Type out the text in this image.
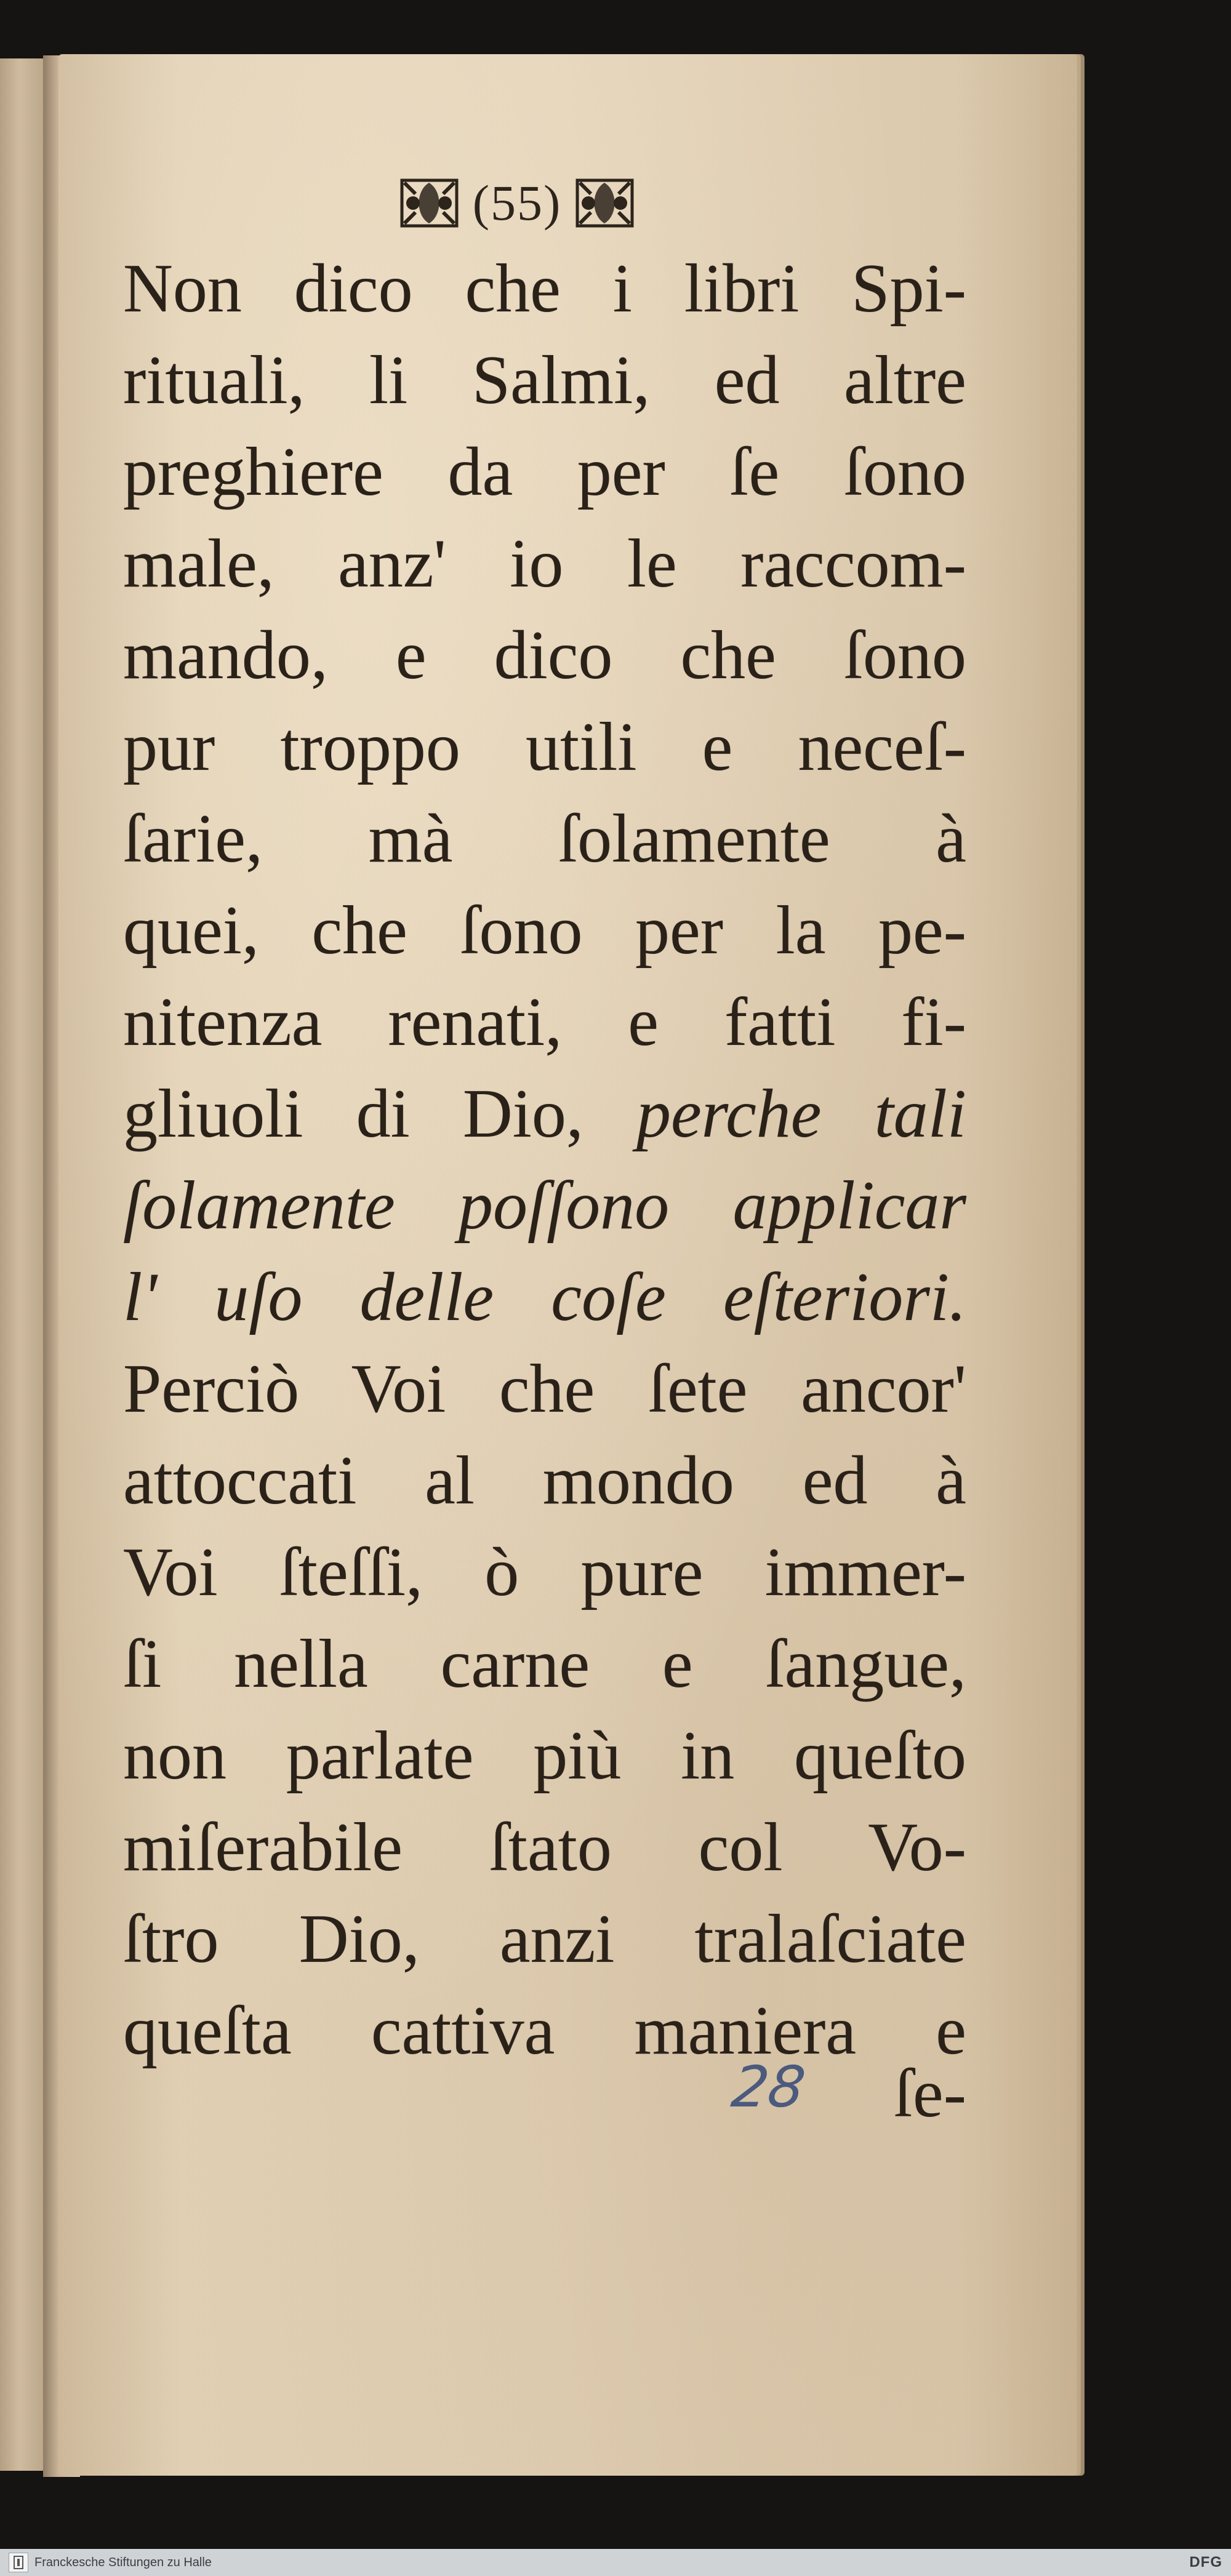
(55)
Non dico che i libri Spi-
rituali, li Salmi, ed altre
preghiere da per ſe ſono
male, anz' io le raccom-
mando, e dico che ſono
pur troppo utili e neceſ-
ſarie, mà ſolamente à
quei, che ſono per la pe-
nitenza renati, e fatti fi-
gliuoli di Dio, perche tali
ſolamente poſſono applicar
l' uſo delle coſe eſteriori.
Perciò Voi che ſete ancor'
attoccati al mondo ed à
Voi ſteſſi, ò pure immer-
ſi nella carne e ſangue,
non parlate più in queſto
miſerabile ſtato col Vo-
ſtro Dio, anzi tralaſciate
queſta cattiva maniera e
28 ſe-
Franckesche Stiftungen zu Halle	DFG
